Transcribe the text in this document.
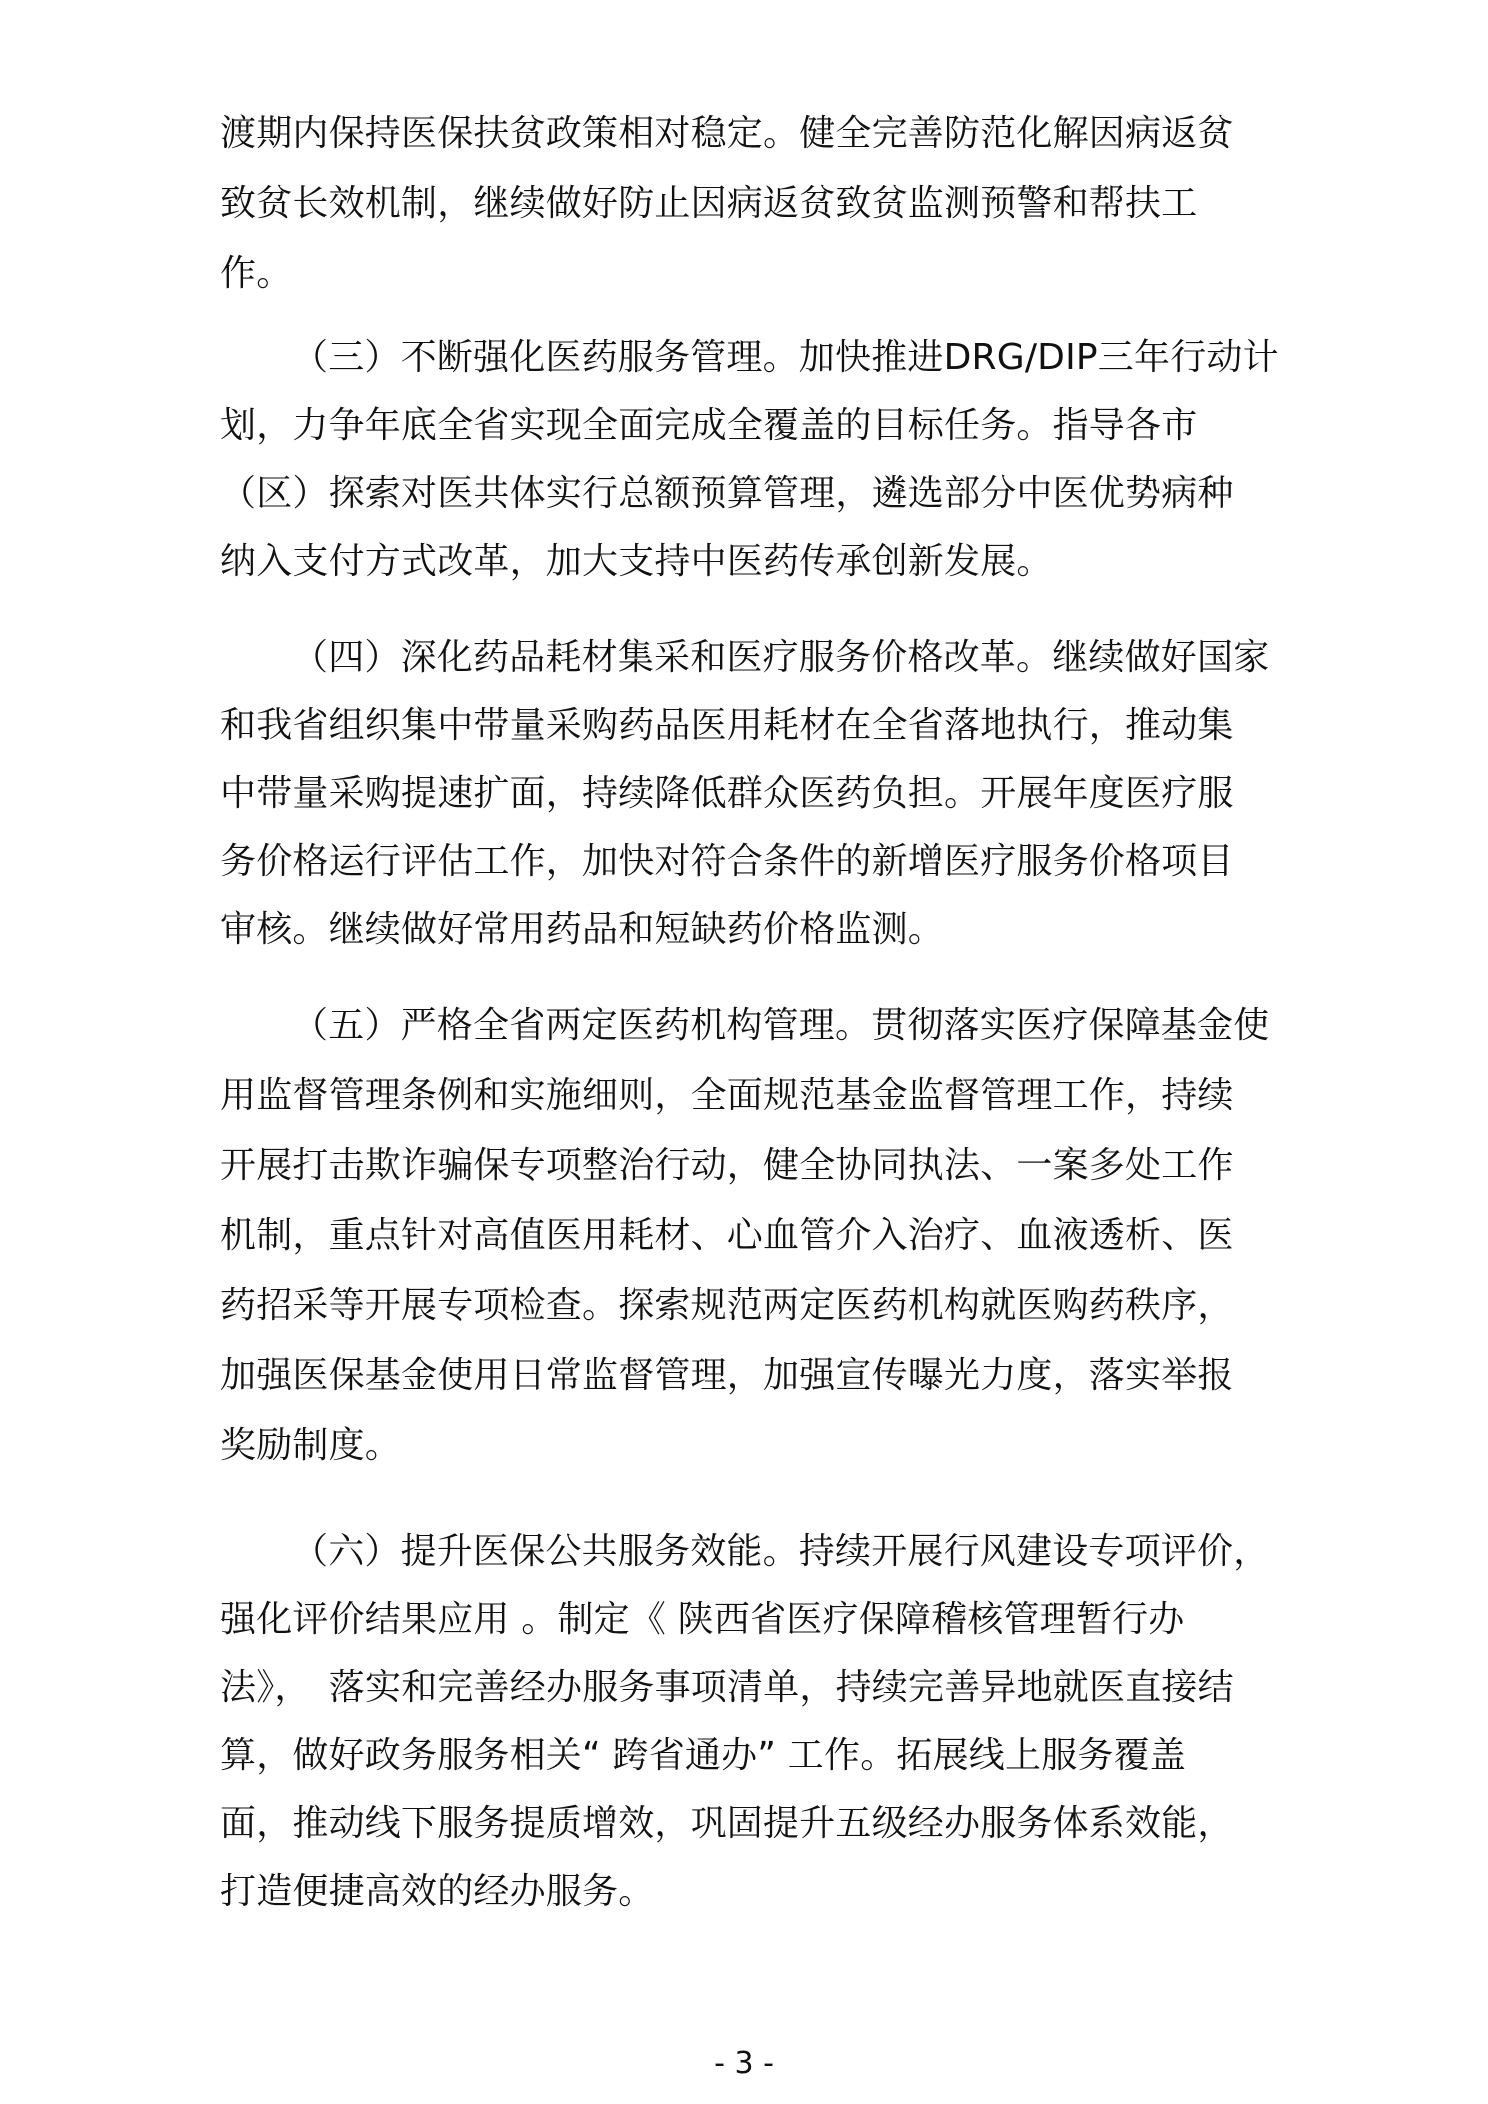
渡期内保持医保扶贫政策相对稳定。健全完善防范化解因病返贫
致贫长效机制，继续做好防止因病返贫致贫监测预警和帮扶工
作。
（三）不断强化医药服务管理。加快推进DRG/DIP三年行动计
划，力争年底全省实现全面完成全覆盖的目标任务。指导各市
（区）探索对医共体实行总额预算管理，遴选部分中医优势病种
纳入支付方式改革，加大支持中医药传承创新发展。
（四）深化药品耗材集采和医疗服务价格改革。继续做好国家
和我省组织集中带量采购药品医用耗材在全省落地执行，推动集
中带量采购提速扩面，持续降低群众医药负担。开展年度医疗服
务价格运行评估工作，加快对符合条件的新增医疗服务价格项目
审核。继续做好常用药品和短缺药价格监测。
（五）严格全省两定医药机构管理。贯彻落实医疗保障基金使
用监督管理条例和实施细则，全面规范基金监督管理工作，持续
开展打击欺诈骗保专项整治行动，健全协同执法、一案多处工作
机制，重点针对高值医用耗材、心血管介入治疗、血液透析、医
药招采等开展专项检查。探索规范两定医药机构就医购药秩序，
加强医保基金使用日常监督管理，加强宣传曝光力度，落实举报
奖励制度。
（六）提升医保公共服务效能。持续开展行风建设专项评价，
强化评价结果应用 。制定《 陕西省医疗保障稽核管理暂行办
法》，　落实和完善经办服务事项清单，持续完善异地就医直接结
算，做好政务服务相关“ 跨省通办” 工作。拓展线上服务覆盖
面，推动线下服务提质增效，巩固提升五级经办服务体系效能，
打造便捷高效的经办服务。
- 3 -
